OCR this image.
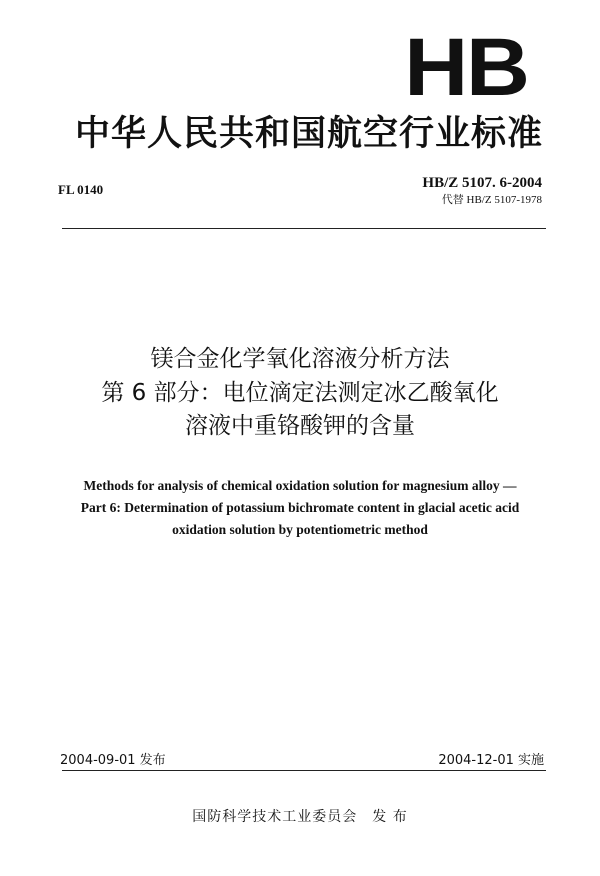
HB
中华人民共和国航空行业标准
FL 0140	HB/Z 5107. 6-2004
代替 HB/Z 5107-1978
镁合金化学氧化溶液分析方法
第 6 部分：电位滴定法测定冰乙酸氧化
溶液中重铬酸钾的含量
Methods for analysis of chemical oxidation solution for magnesium alloy —
Part 6: Determination of potassium bichromate content in glacial acetic acid
oxidation solution by potentiometric method
2004-09-01 发布	2004-12-01 实施
国防科学技术工业委员会　发 布
